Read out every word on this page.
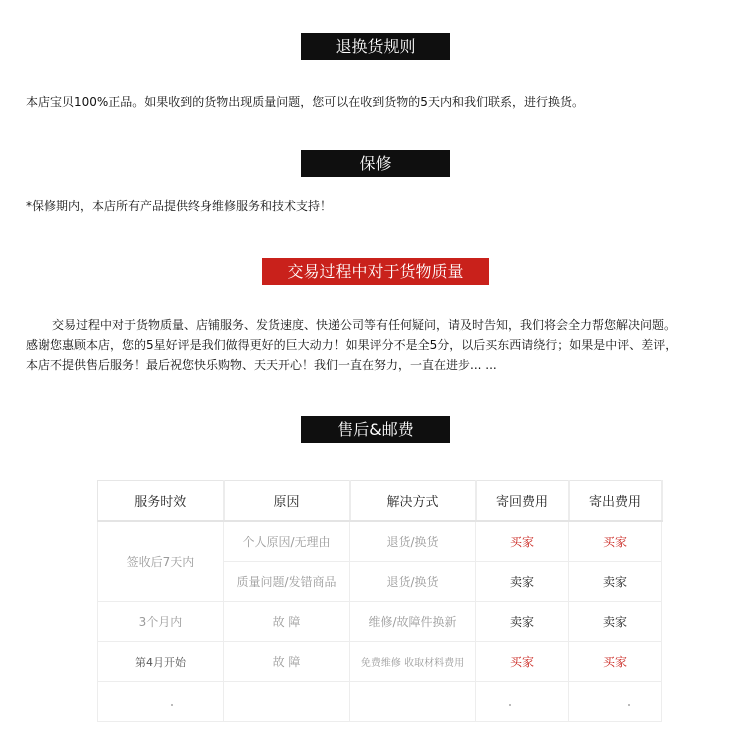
退换货规则
本店宝贝100%正品。如果收到的货物出现质量问题，您可以在收到货物的5天内和我们联系，进行换货。
保修
*保修期内，本店所有产品提供终身维修服务和技术支持！
交易过程中对于货物质量
交易过程中对于货物质量、店铺服务、发货速度、快递公司等有任何疑问，请及时告知，我们将会全力帮您解决问题。
感谢您惠顾本店，您的5星好评是我们做得更好的巨大动力！如果评分不是全5分，以后买东西请绕行；如果是中评、差评，
本店不提供售后服务！最后祝您快乐购物、天天开心！我们一直在努力，一直在进步... ...
售后&邮费
服务时效	原因	解决方式	寄回费用	寄出费用
签收后7天内	个人原因/无理由	退货/换货	买家	买家
	质量问题/发错商品	退货/换货	卖家	卖家
3个月内	故 障	维修/故障件换新	卖家	卖家
第4月开始	故 障	免费维修 收取材料费用	买家	买家
